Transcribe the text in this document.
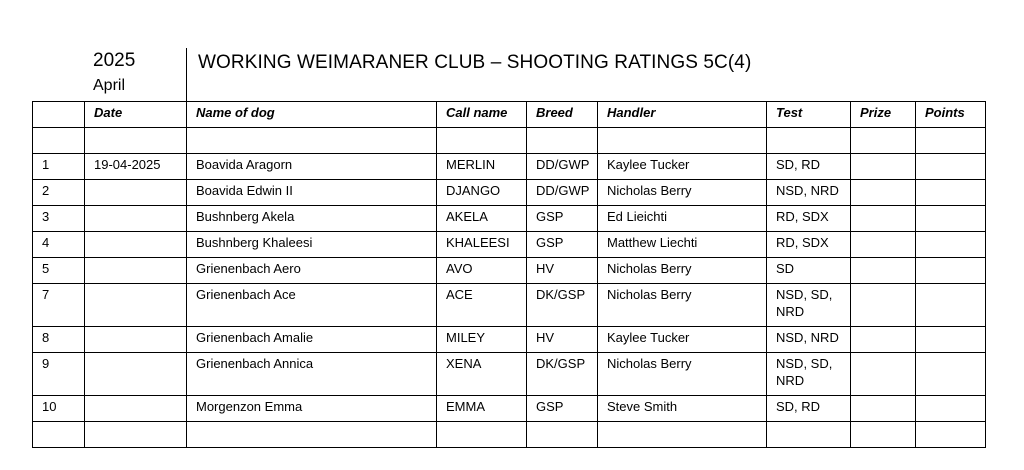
2025
April
WORKING WEIMARANER CLUB – SHOOTING RATINGS 5C(4)
	Date	Name of dog	Call name	Breed	Handler	Test	Prize	Points

1	19-04-2025	Boavida Aragorn	MERLIN	DD/GWP	Kaylee Tucker	SD, RD		
2		Boavida Edwin II	DJANGO	DD/GWP	Nicholas Berry	NSD, NRD		
3		Bushnberg Akela	AKELA	GSP	Ed Lieichti	RD, SDX		
4		Bushnberg Khaleesi	KHALEESI	GSP	Matthew Liechti	RD, SDX		
5		Grienenbach Aero	AVO	HV	Nicholas Berry	SD		
7		Grienenbach Ace	ACE	DK/GSP	Nicholas Berry	NSD, SD, NRD		
8		Grienenbach Amalie	MILEY	HV	Kaylee Tucker	NSD, NRD		
9		Grienenbach Annica	XENA	DK/GSP	Nicholas Berry	NSD, SD, NRD		
10		Morgenzon Emma	EMMA	GSP	Steve Smith	SD, RD		
